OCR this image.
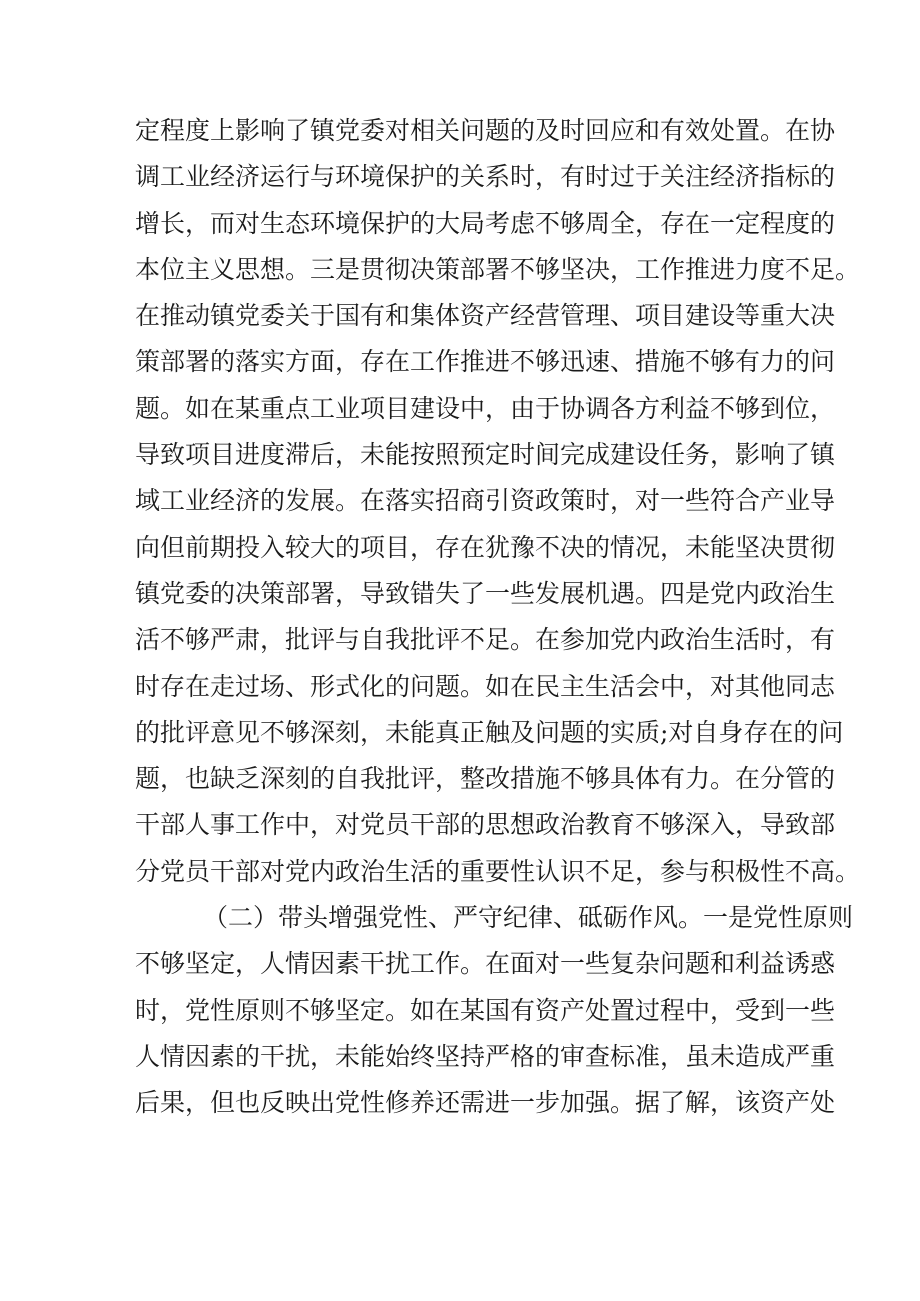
定程度上影响了镇党委对相关问题的及时回应和有效处置。在协
调工业经济运行与环境保护的关系时，有时过于关注经济指标的
增长，而对生态环境保护的大局考虑不够周全，存在一定程度的
本位主义思想。三是贯彻决策部署不够坚决，工作推进力度不足。
在推动镇党委关于国有和集体资产经营管理、项目建设等重大决
策部署的落实方面，存在工作推进不够迅速、措施不够有力的问
题。如在某重点工业项目建设中，由于协调各方利益不够到位，
导致项目进度滞后，未能按照预定时间完成建设任务，影响了镇
域工业经济的发展。在落实招商引资政策时，对一些符合产业导
向但前期投入较大的项目，存在犹豫不决的情况，未能坚决贯彻
镇党委的决策部署，导致错失了一些发展机遇。四是党内政治生
活不够严肃，批评与自我批评不足。在参加党内政治生活时，有
时存在走过场、形式化的问题。如在民主生活会中，对其他同志
的批评意见不够深刻，未能真正触及问题的实质;对自身存在的问
题，也缺乏深刻的自我批评，整改措施不够具体有力。在分管的
干部人事工作中，对党员干部的思想政治教育不够深入，导致部
分党员干部对党内政治生活的重要性认识不足，参与积极性不高。
（二）带头增强党性、严守纪律、砥砺作风。一是党性原则
不够坚定，人情因素干扰工作。在面对一些复杂问题和利益诱惑
时，党性原则不够坚定。如在某国有资产处置过程中，受到一些
人情因素的干扰，未能始终坚持严格的审查标准，虽未造成严重
后果，但也反映出党性修养还需进一步加强。据了解，该资产处
